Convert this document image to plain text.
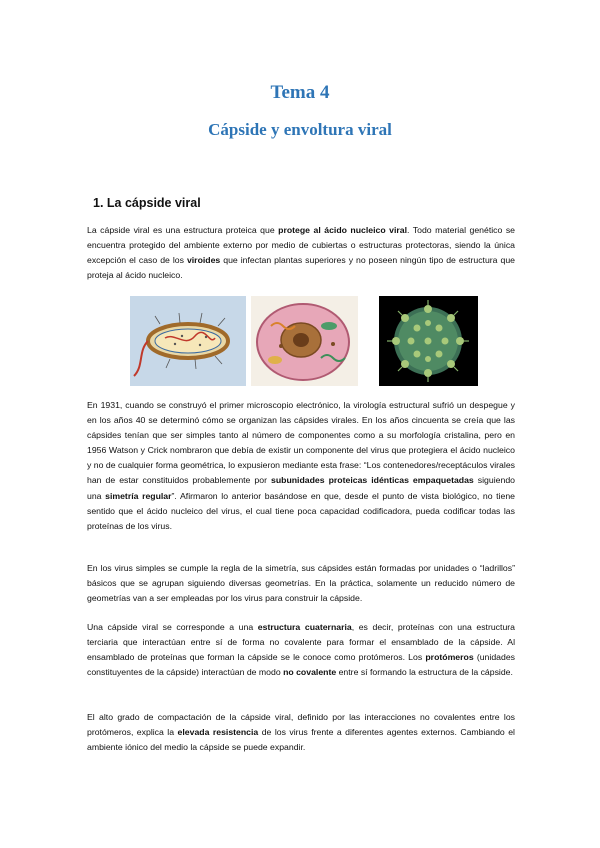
Tema 4
Cápside y envoltura viral
1. La cápside viral

La cápside viral es una estructura proteica que protege al ácido nucleico viral. Todo material genético se encuentra protegido del ambiente externo por medio de cubiertas o estructuras protectoras, siendo la única excepción el caso de los viroides que infectan plantas superiores y no poseen ningún tipo de estructura que proteja al ácido nucleico.

En 1931, cuando se construyó el primer microscopio electrónico, la virología estructural sufrió un despegue y en los años 40 se determinó cómo se organizan las cápsides virales. En los años cincuenta se creía que las cápsides tenían que ser simples tanto al número de componentes como a su morfología cristalina, pero en 1956 Watson y Crick nombraron que debía de existir un componente del virus que protegiera el ácido nucleico y no de cualquier forma geométrica, lo expusieron mediante esta frase: “Los contenedores/receptáculos virales han de estar constituidos probablemente por subunidades proteicas idénticas empaquetadas siguiendo una simetría regular”. Afirmaron lo anterior basándose en que, desde el punto de vista biológico, no tiene sentido que el ácido nucleico del virus, el cual tiene poca capacidad codificadora, pueda codificar todas las proteínas de los virus.

En los virus simples se cumple la regla de la simetría, sus cápsides están formadas por unidades o “ladrillos” básicos que se agrupan siguiendo diversas geometrías. En la práctica, solamente un reducido número de geometrías van a ser empleadas por los virus para construir la cápside.

Una cápside viral se corresponde a una estructura cuaternaria, es decir, proteínas con una estructura terciaria que interactúan entre sí de forma no covalente para formar el ensamblado de la cápside. Al ensamblado de proteínas que forman la cápside se le conoce como protómeros. Los protómeros (unidades constituyentes de la cápside) interactúan de modo no covalente entre sí formando la estructura de la cápside.

El alto grado de compactación de la cápside viral, definido por las interacciones no covalentes entre los protómeros, explica la elevada resistencia de los virus frente a diferentes agentes externos. Cambiando el ambiente iónico del medio la cápside se puede expandir.
